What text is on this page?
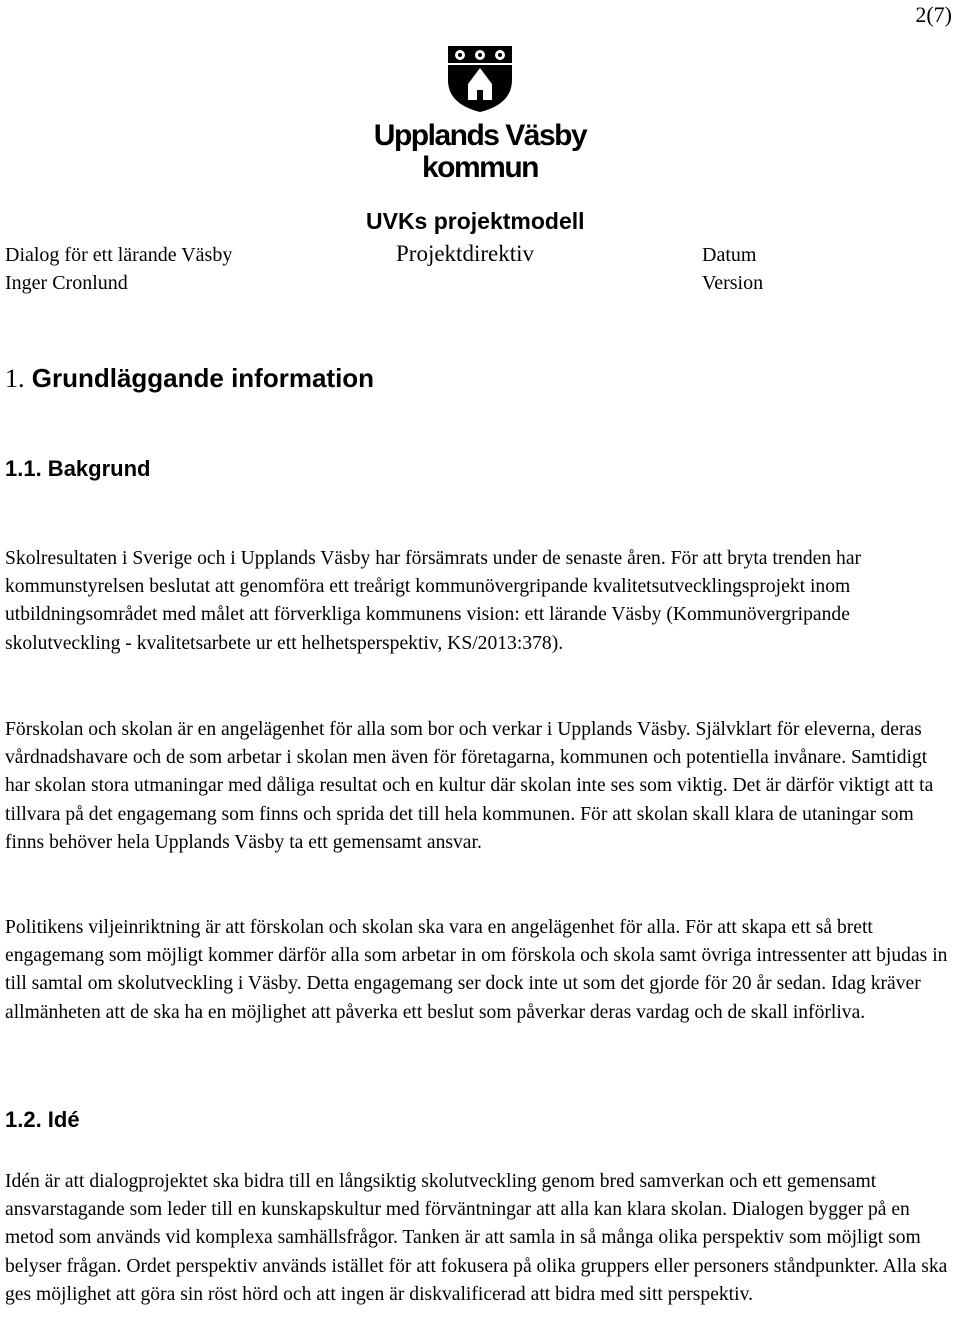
2(7)
Upplands Väsby
kommun
UVKs projektmodell
Projektdirektiv
Dialog för ett lärande Väsby
Inger Cronlund
Datum
Version
1. Grundläggande information
1.1. Bakgrund

Skolresultaten i Sverige och i Upplands Väsby har försämrats under de senaste åren. För att bryta trenden har kommunstyrelsen beslutat att genomföra ett treårigt kommunövergripande kvalitetsutvecklingsprojekt inom utbildningsområdet med målet att förverkliga kommunens vision: ett lärande Väsby (Kommunövergripande skolutveckling - kvalitetsarbete ur ett helhetsperspektiv, KS/2013:378).

Förskolan och skolan är en angelägenhet för alla som bor och verkar i Upplands Väsby. Självklart för eleverna, deras vårdnadshavare och de som arbetar i skolan men även för företagarna, kommunen och potentiella invånare. Samtidigt har skolan stora utmaningar med dåliga resultat och en kultur där skolan inte ses som viktig. Det är därför viktigt att ta tillvara på det engagemang som finns och sprida det till hela kommunen. För att skolan skall klara de utaningar som finns behöver hela Upplands Väsby ta ett gemensamt ansvar.

Politikens viljeinriktning är att förskolan och skolan ska vara en angelägenhet för alla. För att skapa ett så brett engagemang som möjligt kommer därför alla som arbetar in om förskola och skola samt övriga intressenter att bjudas in till samtal om skolutveckling i Väsby. Detta engagemang ser dock inte ut som det gjorde för 20 år sedan. Idag kräver allmänheten att de ska ha en möjlighet att påverka ett beslut som påverkar deras vardag och de skall införliva.

1.2. Idé

Idén är att dialogprojektet ska bidra till en långsiktig skolutveckling genom bred samverkan och ett gemensamt ansvarstagande som leder till en kunskapskultur med förväntningar att alla kan klara skolan. Dialogen bygger på en metod som används vid komplexa samhällsfrågor. Tanken är att samla in så många olika perspektiv som möjligt som belyser frågan. Ordet perspektiv används istället för att fokusera på olika gruppers eller personers ståndpunkter. Alla ska ges möjlighet att göra sin röst hörd och att ingen är diskvalificerad att bidra med sitt perspektiv.
